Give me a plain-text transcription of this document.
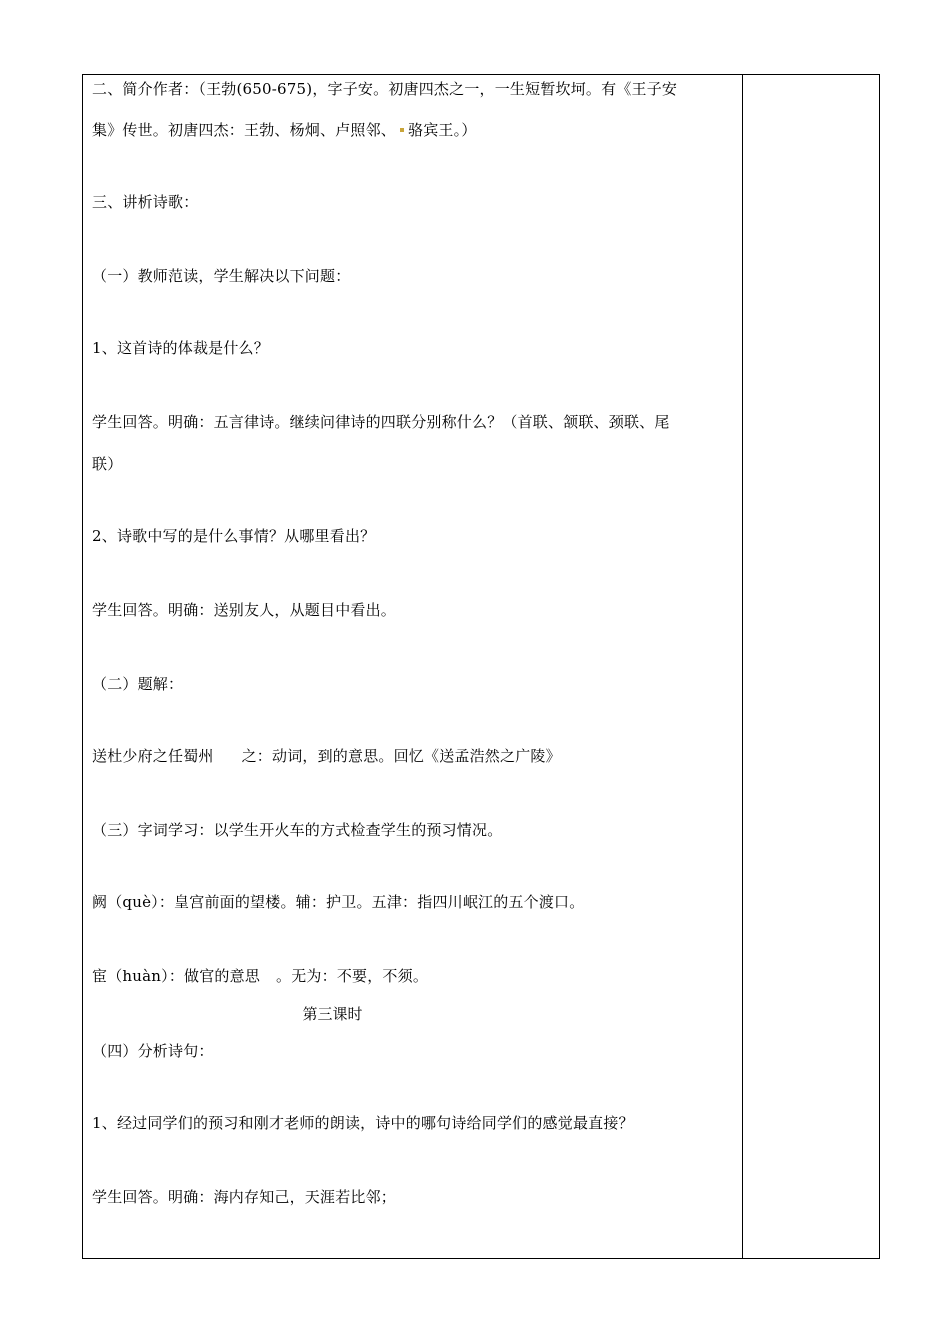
二、简介作者：（王勃(650-675)，字子安。初唐四杰之一，一生短暂坎坷。有《王子安
集》传世。初唐四杰：王勃、杨炯、卢照邻、 骆宾王。）
三、讲析诗歌：
（一）教师范读，学生解决以下问题：
1、这首诗的体裁是什么？
学生回答。明确：五言律诗。继续问律诗的四联分别称什么？（首联、颔联、颈联、尾
联）
2、诗歌中写的是什么事情？从哪里看出？
学生回答。明确：送别友人，从题目中看出。
（二）题解：
送杜少府之任蜀州 之：动词，到的意思。回忆《送孟浩然之广陵》
（三）字词学习：以学生开火车的方式检查学生的预习情况。
阙（què）：皇宫前面的望楼。辅：护卫。五津：指四川岷江的五个渡口。
宦（huàn）：做官的意思 。无为：不要，不须。
第三课时
（四）分析诗句：
1、经过同学们的预习和刚才老师的朗读，诗中的哪句诗给同学们的感觉最直接？
学生回答。明确：海内存知己，天涯若比邻；
